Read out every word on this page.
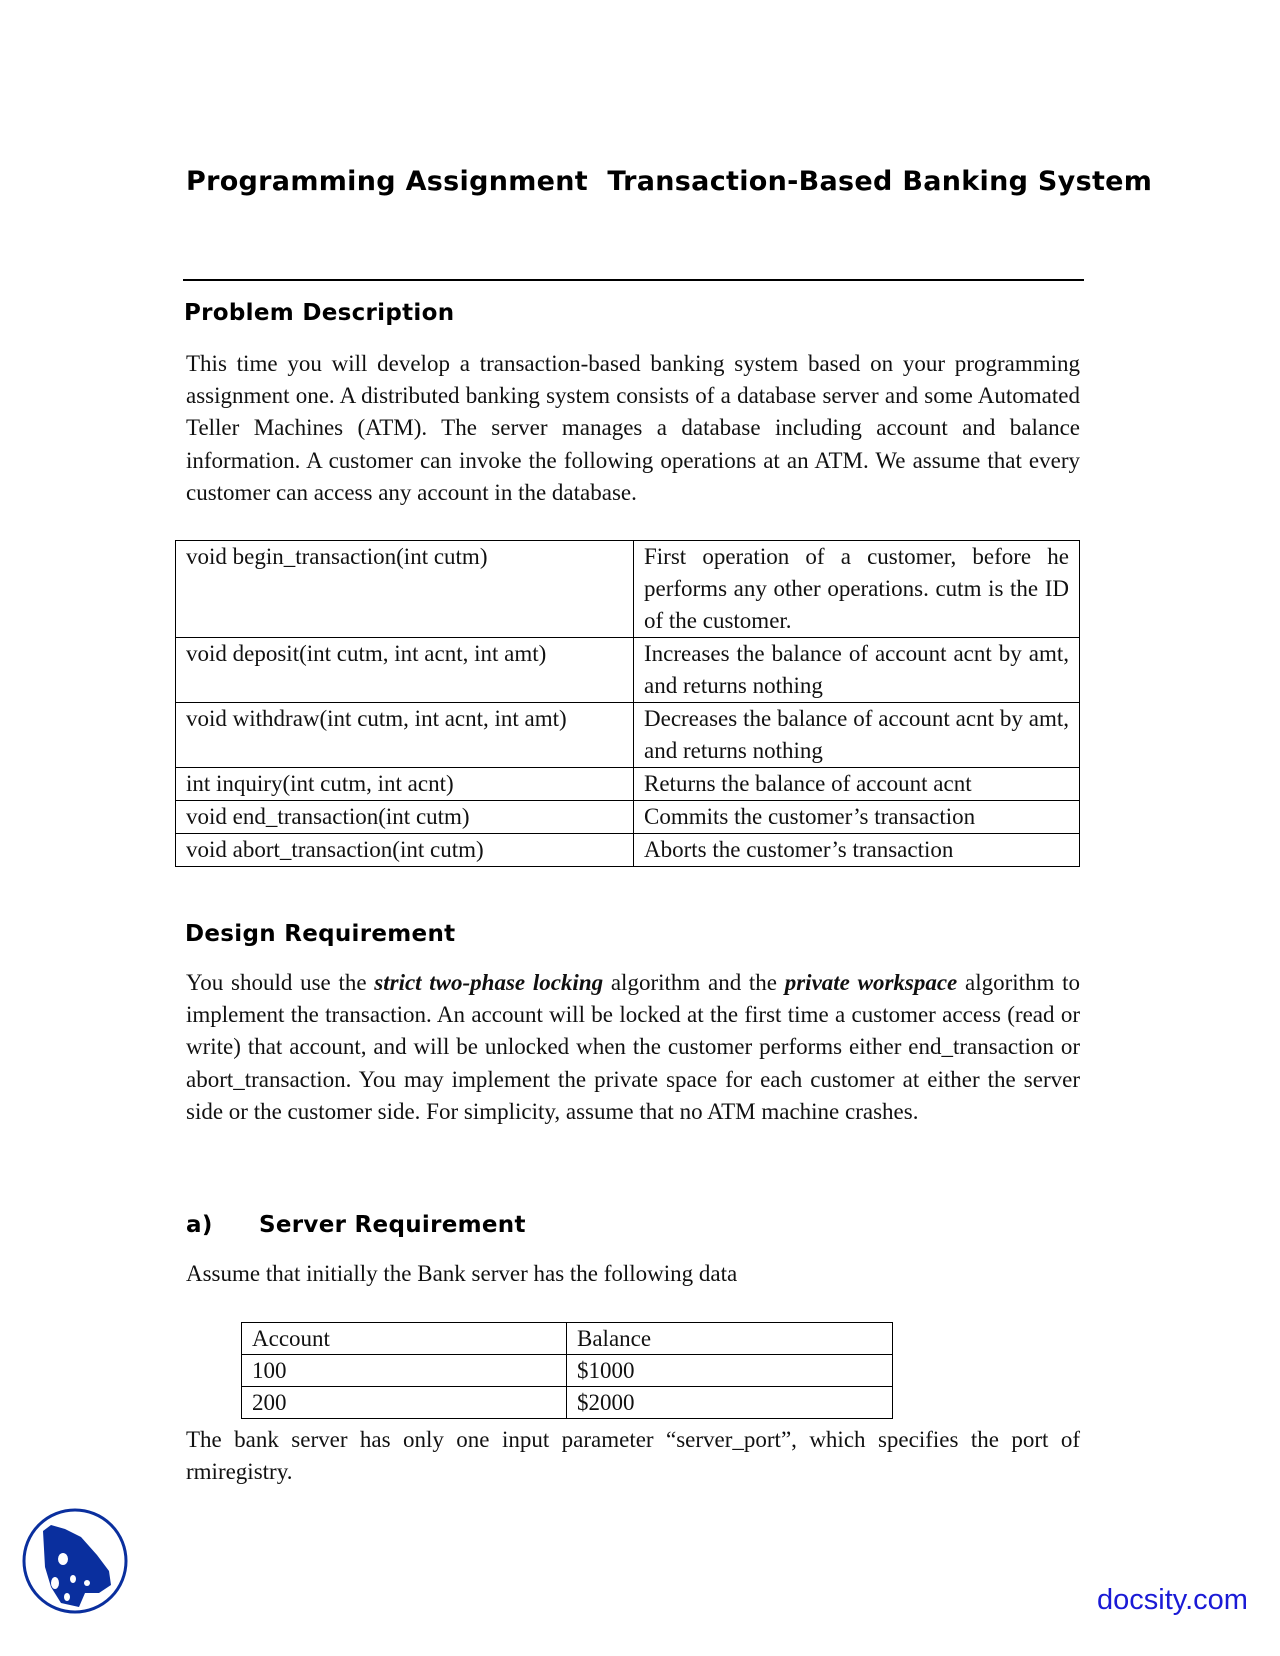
Programming Assignment  Transaction-Based Banking System
Problem Description
This time you will develop a transaction-based banking system based on your programming assignment one. A distributed banking system consists of a database server and some Automated Teller Machines (ATM). The server manages a database including account and balance information. A customer can invoke the following operations at an ATM. We assume that every customer can access any account in the database.
void begin_transaction(int cutm)	First operation of a customer, before he performs any other operations. cutm is the ID of the customer.
void deposit(int cutm, int acnt, int amt)	Increases the balance of account acnt by amt, and returns nothing
void withdraw(int cutm, int acnt, int amt)	Decreases the balance of account acnt by amt, and returns nothing
int inquiry(int cutm, int acnt)	Returns the balance of account acnt
void end_transaction(int cutm)	Commits the customer’s transaction
void abort_transaction(int cutm)	Aborts the customer’s transaction
Design Requirement
You should use the strict two-phase locking algorithm and the private workspace algorithm to implement the transaction. An account will be locked at the first time a customer access (read or write) that account, and will be unlocked when the customer performs either end_transaction or abort_transaction. You may implement the private space for each customer at either the server side or the customer side. For simplicity, assume that no ATM machine crashes.
a) Server Requirement
Assume that initially the Bank server has the following data
Account	Balance
100	$1000
200	$2000
The bank server has only one input parameter “server_port”, which specifies the port of rmiregistry.
docsity.com
